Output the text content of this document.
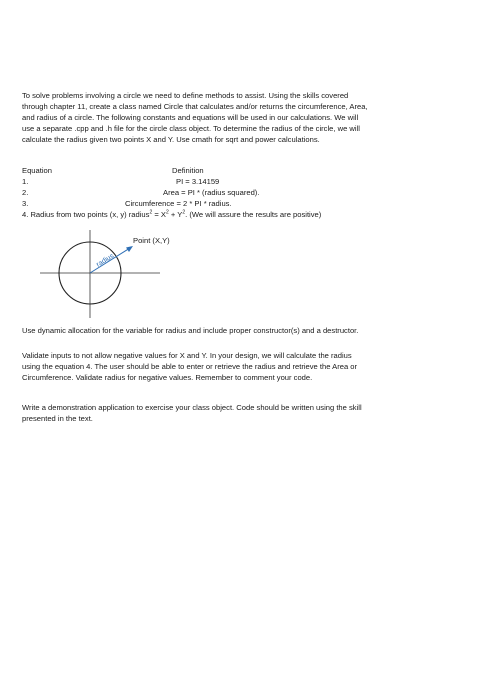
To solve problems involving a circle we need to define methods to assist. Using the skills covered
through chapter 11, create a class named Circle that calculates and/or returns the circumference, Area,
and radius of a circle. The following constants and equations will be used in our calculations. We will
use a separate .cpp and .h file for the circle class object. To determine the radius of the circle, we will
calculate the radius given two points X and Y. Use cmath for sqrt and power calculations.
Equation	Definition
1.	PI = 3.14159
2.	Area = PI * (radius squared).
3.	Circumference = 2 * PI * radius.
4. Radius from two points (x, y) radius$^2$ = $X^2 + Y^2$. (We will assure the results are positive)
Point (X,Y)
radius
Use dynamic allocation for the variable for radius and include proper constructor(s) and a destructor.
Validate inputs to not allow negative values for X and Y. In your design, we will calculate the radius
using the equation 4. The user should be able to enter or retrieve the radius and retrieve the Area or
Circumference. Validate radius for negative values. Remember to comment your code.
Write a demonstration application to exercise your class object. Code should be written using the skill
presented in the text.
